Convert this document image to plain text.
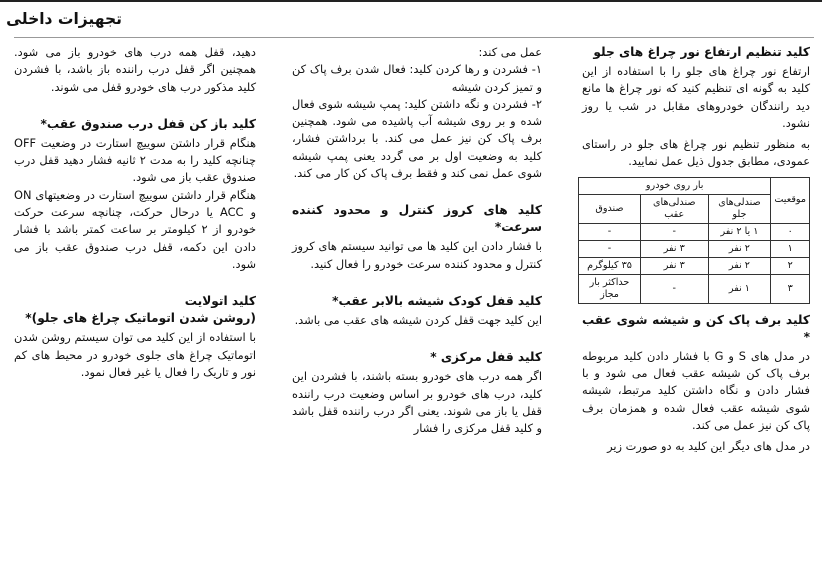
تجهیزات داخلی
کلید تنظیم ارتفاع نور چراغ های جلو

ارتفاع نور چراغ های جلو را با استفاده از این کلید به گونه ای تنظیم کنید که نور چراغ ها مانع دید رانندگان خودروهای مقابل در شب یا روز نشود.

به منظور تنظیم نور چراغ های جلو در راستای عمودی، مطابق جدول ذیل عمل نمایید.

موقعیت	بار روی خودرو		
	صندلی‌های جلو	صندلی‌های عقب	صندوق
۰	۱ یا ۲ نفر	-	-
۱	۲ نفر	۳ نفر	-
۲	۲ نفر	۳ نفر	۳۵ کیلوگرم
۳	۱ نفر	-	حداکثر بار مجاز
کلید برف پاک کن و شیشه شوی عقب *

در مدل های S و G با فشار دادن کلید مربوطه برف پاک کن شیشه عقب فعال می شود و با فشار دادن و نگاه داشتن کلید مرتبط، شیشه شوی شیشه عقب فعال شده و همزمان برف پاک کن نیز عمل می کند.

در مدل های دیگر این کلید به دو صورت زیر

عمل می کند:

۱- فشردن و رها کردن کلید: فعال شدن برف پاک کن و تمیز کردن شیشه

۲- فشردن و نگه داشتن کلید: پمپ شیشه شوی فعال شده و بر روی شیشه آب پاشیده می شود. همچنین برف پاک کن نیز عمل می کند. با برداشتن فشار، کلید به وضعیت اول بر می گردد یعنی پمپ شیشه شوی عمل نمی کند و فقط برف پاک کن کار می کند.

کلید های کروز کنترل و محدود کننده سرعت*

با فشار دادن این کلید ها می توانید سیستم های کروز کنترل و محدود کننده سرعت خودرو را فعال کنید.

کلید قفل کودک شیشه بالابر عقب*

این کلید جهت قفل کردن شیشه های عقب می باشد.

کلید قفل مرکزی *

اگر همه درب های خودرو بسته باشند، با فشردن این کلید، درب های خودرو بر اساس وضعیت درب راننده قفل یا باز می شوند. یعنی اگر درب راننده قفل باشد و کلید قفل مرکزی را فشار

دهید، قفل همه درب های خودرو باز می شود. همچنین اگر قفل درب راننده باز باشد، با فشردن کلید مذکور درب های خودرو قفل می شوند.

کلید باز کن قفل درب صندوق عقب*

هنگام قرار داشتن سوییچ استارت در وضعیت OFF چنانچه کلید را به مدت ۲ ثانیه فشار دهید قفل درب صندوق عقب باز می شود.

هنگام قرار داشتن سوییچ استارت در وضعیتهای ON و ACC یا درحال حرکت، چنانچه سرعت حرکت خودرو از ۲ کیلومتر بر ساعت کمتر باشد با فشار دادن این دکمه، قفل درب صندوق عقب باز می شود.

کلید اتولایت
(روشن شدن اتوماتیک چراغ های جلو)*

با استفاده از این کلید می توان سیستم روشن شدن اتوماتیک چراغ های جلوی خودرو در محیط های کم نور و تاریک را فعال یا غیر فعال نمود.
